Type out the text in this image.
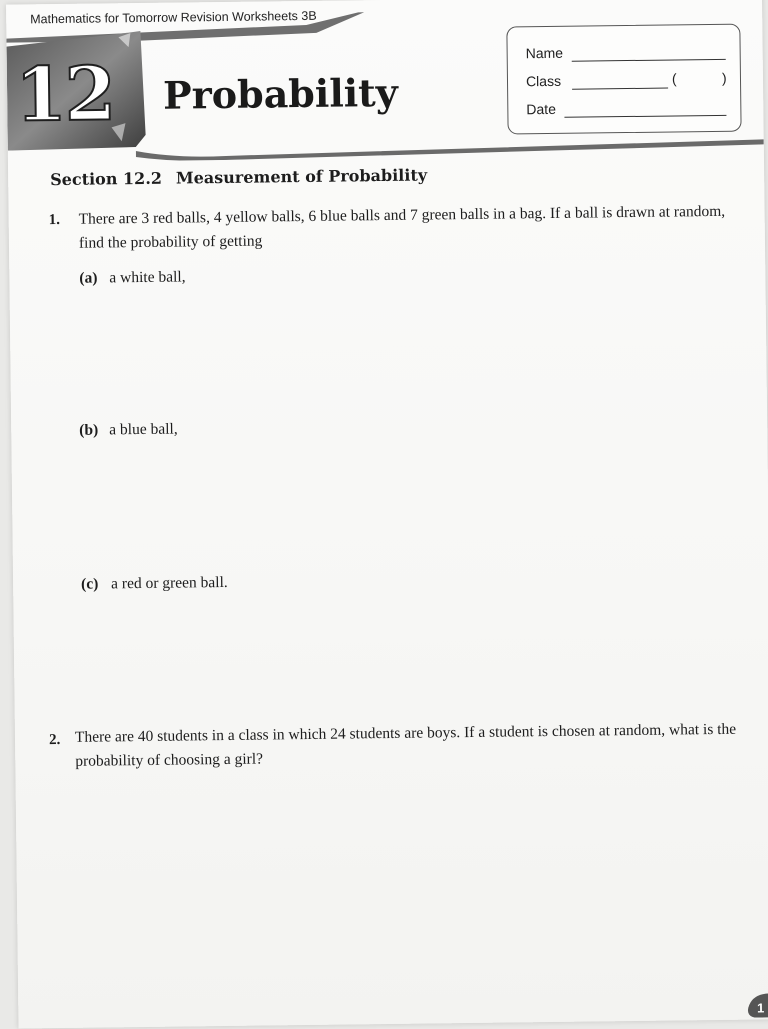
Mathematics for Tomorrow Revision Worksheets 3B
12 Probability
Name
Class	(	)
Date
Section 12.2 Measurement of Probability
1. There are 3 red balls, 4 yellow balls, 6 blue balls and 7 green balls in a bag. If a ball is drawn at random, find the probability of getting
(a) a white ball,
(b) a blue ball,
(c) a red or green ball.
2. There are 40 students in a class in which 24 students are boys. If a student is chosen at random, what is the probability of choosing a girl?
1
